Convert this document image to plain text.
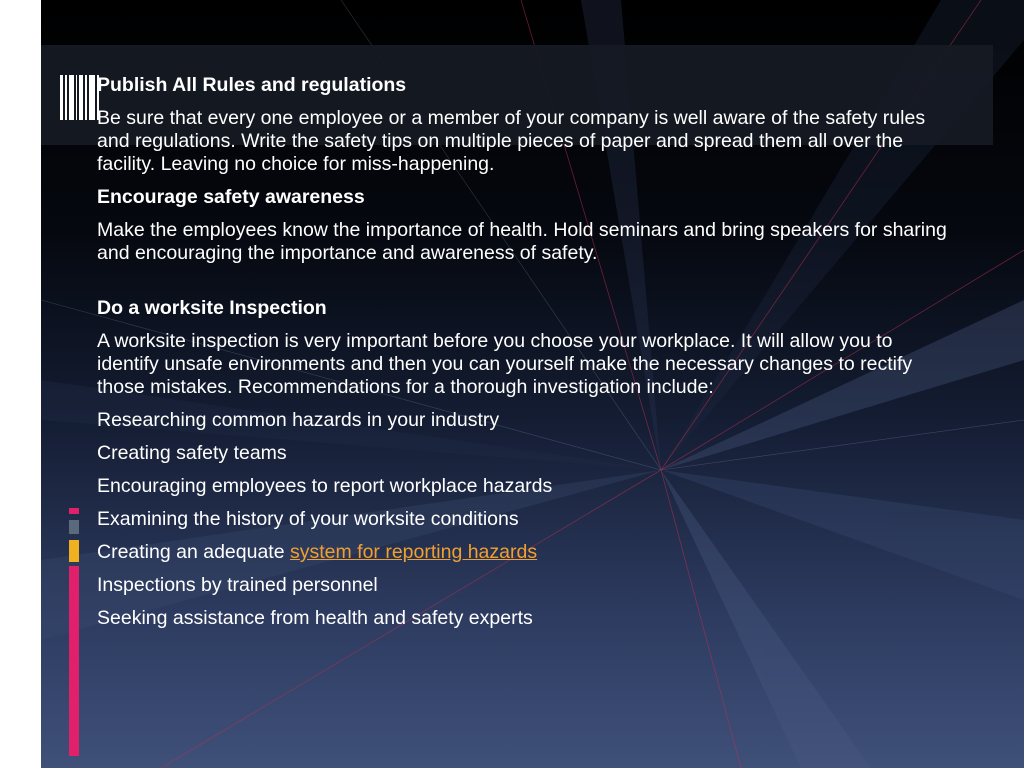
Publish All Rules and regulations

Be sure that every one employee or a member of your company is well aware of the safety rules and regulations. Write the safety tips on multiple pieces of paper and spread them all over the facility. Leaving no choice for miss-happening.

Encourage safety awareness

Make the employees know the importance of health. Hold seminars and bring speakers for sharing and encouraging the importance and awareness of safety.

Do a worksite Inspection

A worksite inspection is very important before you choose your workplace. It will allow you to identify unsafe environments and then you can yourself make the necessary changes to rectify those mistakes. Recommendations for a thorough investigation include:

Researching common hazards in your industry

Creating safety teams

Encouraging employees to report workplace hazards

Examining the history of your worksite conditions

Creating an adequate system for reporting hazards

Inspections by trained personnel

Seeking assistance from health and safety experts
